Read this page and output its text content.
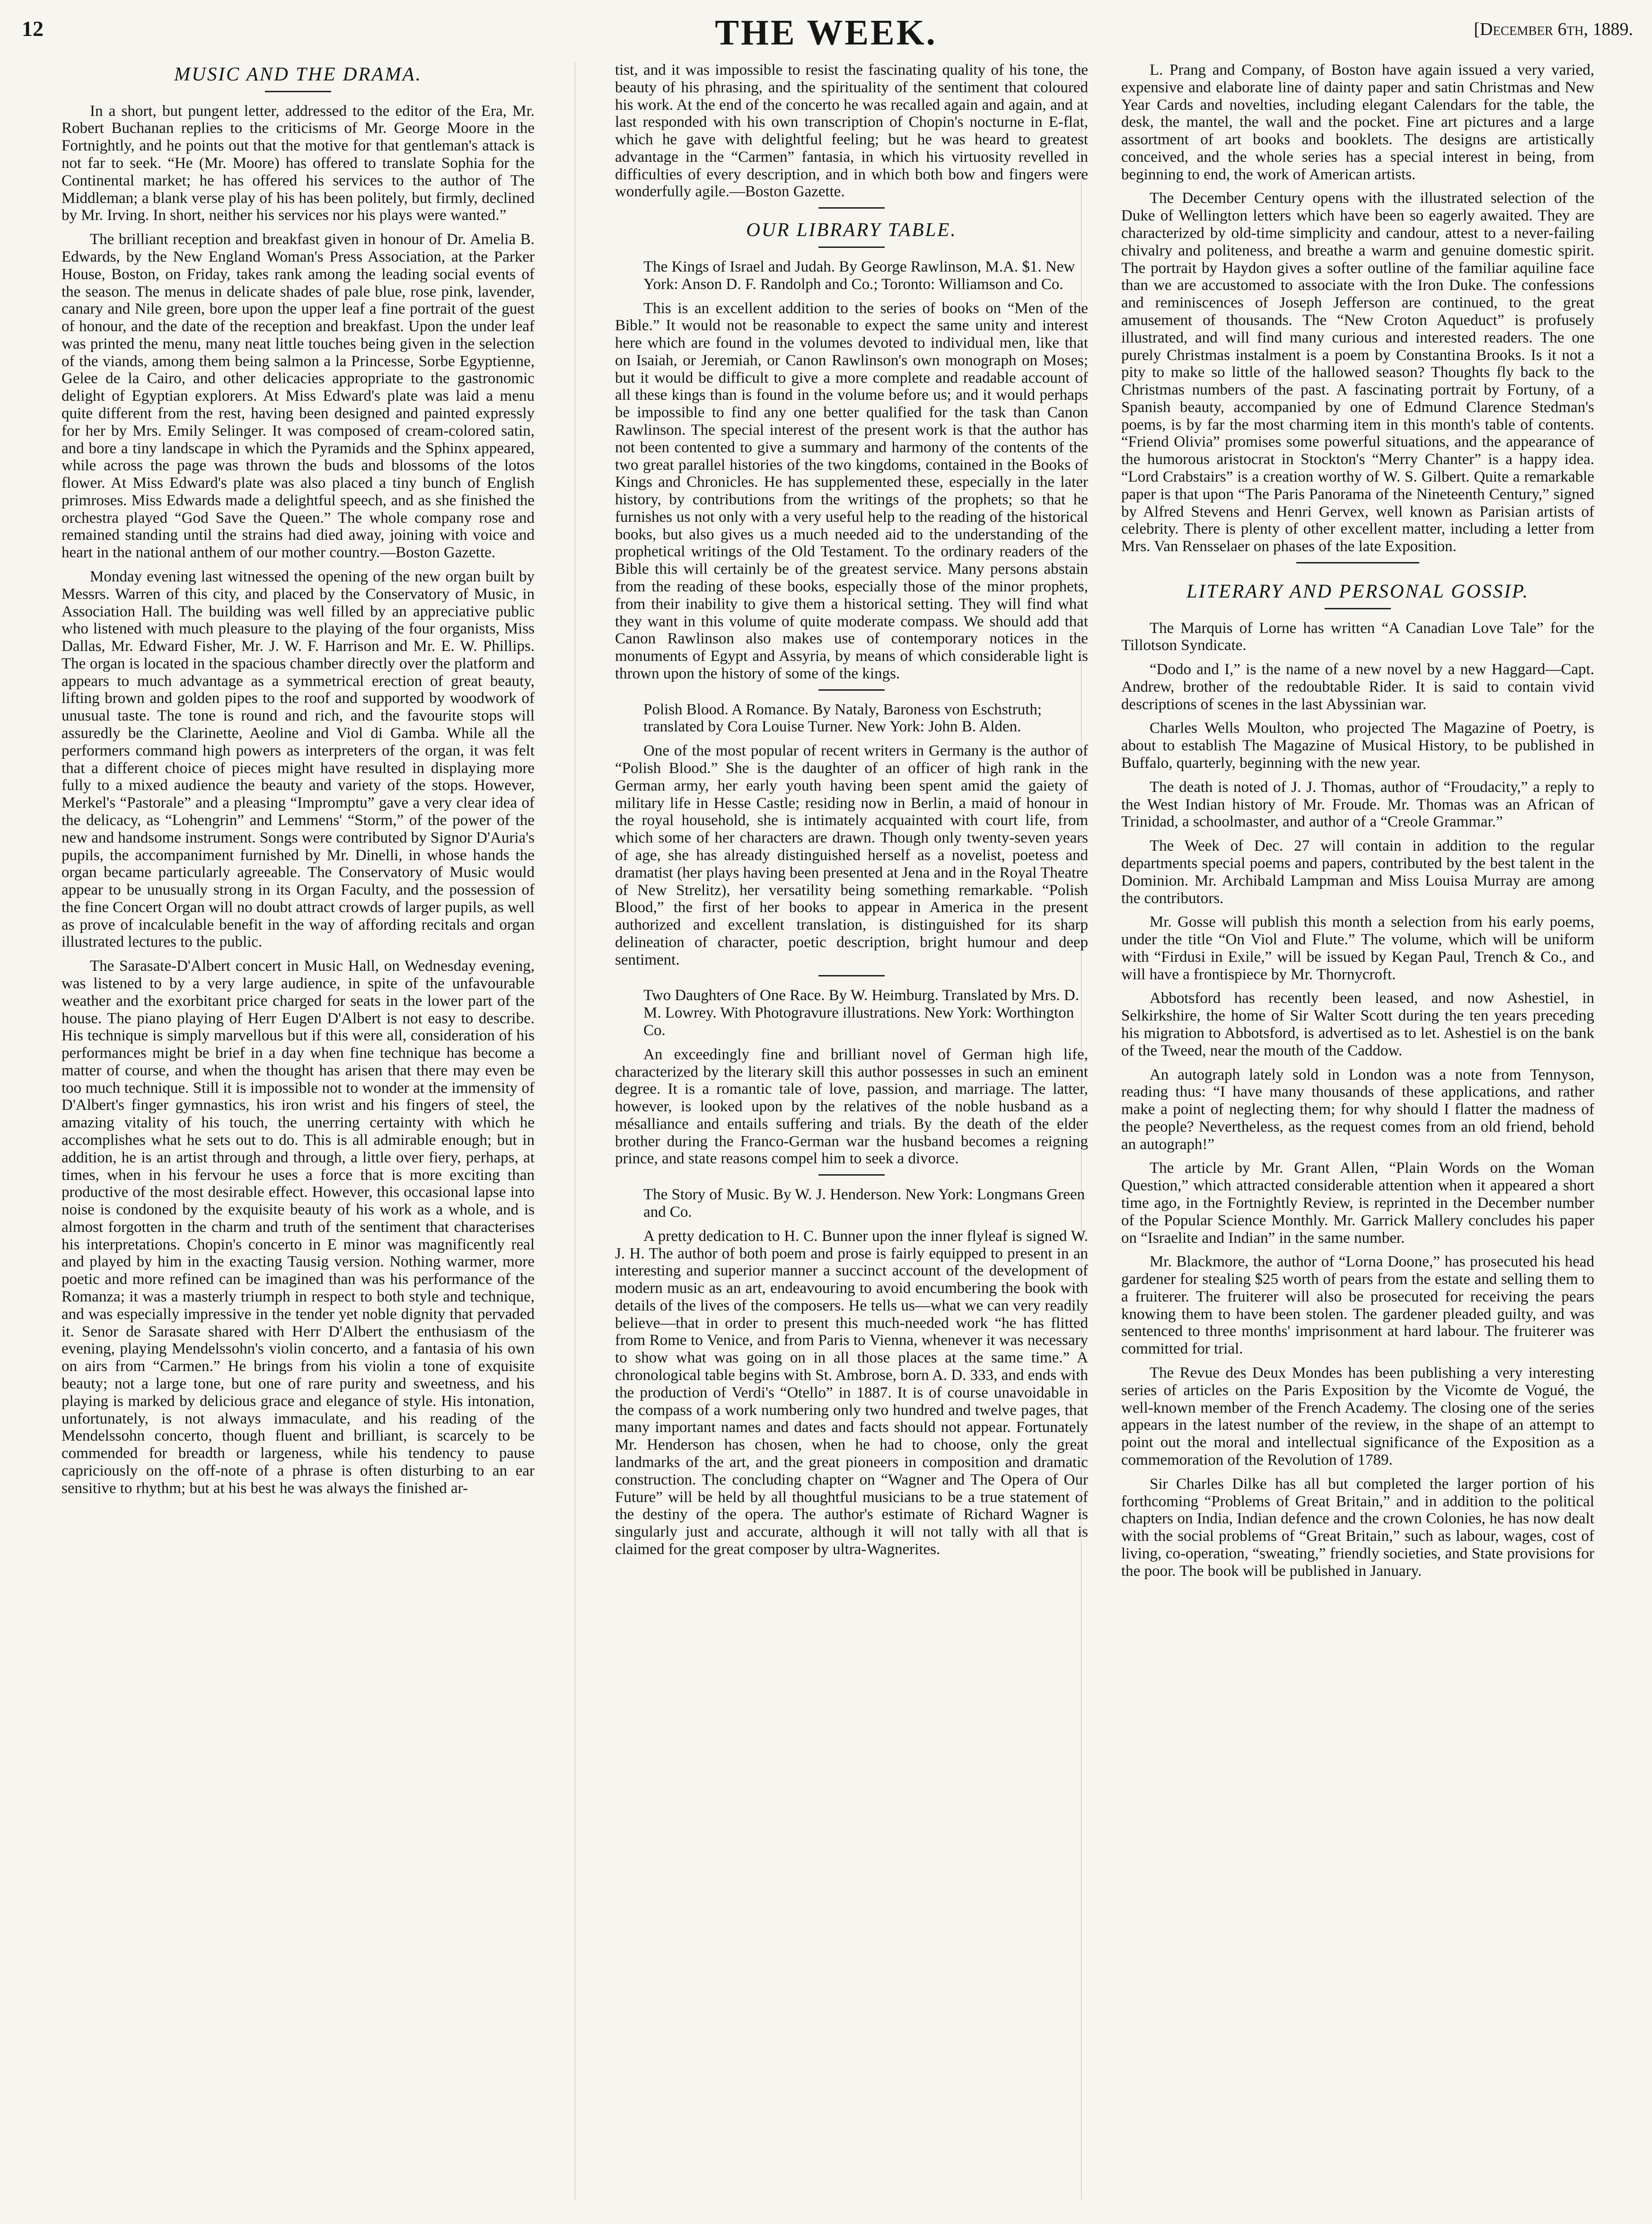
12	THE WEEK.	[December 6th, 1889.
MUSIC AND THE DRAMA.

In a short, but pungent letter, addressed to the editor of the Era, Mr. Robert Buchanan replies to the criticisms of Mr. George Moore in the Fortnightly, and he points out that the motive for that gentleman's attack is not far to seek. “He (Mr. Moore) has offered to translate Sophia for the Continental market; he has offered his services to the author of The Middleman; a blank verse play of his has been politely, but firmly, declined by Mr. Irving. In short, neither his services nor his plays were wanted.”

The brilliant reception and breakfast given in honour of Dr. Amelia B. Edwards, by the New England Woman's Press Association, at the Parker House, Boston, on Friday, takes rank among the leading social events of the season. The menus in delicate shades of pale blue, rose pink, lavender, canary and Nile green, bore upon the upper leaf a fine portrait of the guest of honour, and the date of the reception and breakfast. Upon the under leaf was printed the menu, many neat little touches being given in the selection of the viands, among them being salmon a la Princesse, Sorbe Egyptienne, Gelee de la Cairo, and other delicacies appropriate to the gastronomic delight of Egyptian explorers. At Miss Edward's plate was laid a menu quite different from the rest, having been designed and painted expressly for her by Mrs. Emily Selinger. It was composed of cream-colored satin, and bore a tiny landscape in which the Pyramids and the Sphinx appeared, while across the page was thrown the buds and blossoms of the lotos flower. At Miss Edward's plate was also placed a tiny bunch of English primroses. Miss Edwards made a delightful speech, and as she finished the orchestra played “God Save the Queen.” The whole company rose and remained standing until the strains had died away, joining with voice and heart in the national anthem of our mother country.—Boston Gazette.

Monday evening last witnessed the opening of the new organ built by Messrs. Warren of this city, and placed by the Conservatory of Music, in Association Hall. The building was well filled by an appreciative public who listened with much pleasure to the playing of the four organists, Miss Dallas, Mr. Edward Fisher, Mr. J. W. F. Harrison and Mr. E. W. Phillips. The organ is located in the spacious chamber directly over the platform and appears to much advantage as a symmetrical erection of great beauty, lifting brown and golden pipes to the roof and supported by woodwork of unusual taste. The tone is round and rich, and the favourite stops will assuredly be the Clarinette, Aeoline and Viol di Gamba. While all the performers command high powers as interpreters of the organ, it was felt that a different choice of pieces might have resulted in displaying more fully to a mixed audience the beauty and variety of the stops. However, Merkel's “Pastorale” and a pleasing “Impromptu” gave a very clear idea of the delicacy, as “Lohengrin” and Lemmens' “Storm,” of the power of the new and handsome instrument. Songs were contributed by Signor D'Auria's pupils, the accompaniment furnished by Mr. Dinelli, in whose hands the organ became particularly agreeable. The Conservatory of Music would appear to be unusually strong in its Organ Faculty, and the possession of the fine Concert Organ will no doubt attract crowds of larger pupils, as well as prove of incalculable benefit in the way of affording recitals and organ illustrated lectures to the public.

The Sarasate-D'Albert concert in Music Hall, on Wednesday evening, was listened to by a very large audience, in spite of the unfavourable weather and the exorbitant price charged for seats in the lower part of the house. The piano playing of Herr Eugen D'Albert is not easy to describe. His technique is simply marvellous but if this were all, consideration of his performances might be brief in a day when fine technique has become a matter of course, and when the thought has arisen that there may even be too much technique. Still it is impossible not to wonder at the immensity of D'Albert's finger gymnastics, his iron wrist and his fingers of steel, the amazing vitality of his touch, the unerring certainty with which he accomplishes what he sets out to do. This is all admirable enough; but in addition, he is an artist through and through, a little over fiery, perhaps, at times, when in his fervour he uses a force that is more exciting than productive of the most desirable effect. However, this occasional lapse into noise is condoned by the exquisite beauty of his work as a whole, and is almost forgotten in the charm and truth of the sentiment that characterises his interpretations. Chopin's concerto in E minor was magnificently real and played by him in the exacting Tausig version. Nothing warmer, more poetic and more refined can be imagined than was his performance of the Romanza; it was a masterly triumph in respect to both style and technique, and was especially impressive in the tender yet noble dignity that pervaded it. Senor de Sarasate shared with Herr D'Albert the enthusiasm of the evening, playing Mendelssohn's violin concerto, and a fantasia of his own on airs from “Carmen.” He brings from his violin a tone of exquisite beauty; not a large tone, but one of rare purity and sweetness, and his playing is marked by delicious grace and elegance of style. His intonation, unfortunately, is not always immaculate, and his reading of the Mendelssohn concerto, though fluent and brilliant, is scarcely to be commended for breadth or largeness, while his tendency to pause capriciously on the off-note of a phrase is often disturbing to an ear sensitive to rhythm; but at his best he was always the finished ar-

tist, and it was impossible to resist the fascinating quality of his tone, the beauty of his phrasing, and the spirituality of the sentiment that coloured his work. At the end of the concerto he was recalled again and again, and at last responded with his own transcription of Chopin's nocturne in E-flat, which he gave with delightful feeling; but he was heard to greatest advantage in the “Carmen” fantasia, in which his virtuosity revelled in difficulties of every description, and in which both bow and fingers were wonderfully agile.—Boston Gazette.

OUR LIBRARY TABLE.

The Kings of Israel and Judah. By George Rawlinson, M.A. $1. New York: Anson D. F. Randolph and Co.; Toronto: Williamson and Co.

This is an excellent addition to the series of books on “Men of the Bible.” It would not be reasonable to expect the same unity and interest here which are found in the volumes devoted to individual men, like that on Isaiah, or Jeremiah, or Canon Rawlinson's own monograph on Moses; but it would be difficult to give a more complete and readable account of all these kings than is found in the volume before us; and it would perhaps be impossible to find any one better qualified for the task than Canon Rawlinson. The special interest of the present work is that the author has not been contented to give a summary and harmony of the contents of the two great parallel histories of the two kingdoms, contained in the Books of Kings and Chronicles. He has supplemented these, especially in the later history, by contributions from the writings of the prophets; so that he furnishes us not only with a very useful help to the reading of the historical books, but also gives us a much needed aid to the understanding of the prophetical writings of the Old Testament. To the ordinary readers of the Bible this will certainly be of the greatest service. Many persons abstain from the reading of these books, especially those of the minor prophets, from their inability to give them a historical setting. They will find what they want in this volume of quite moderate compass. We should add that Canon Rawlinson also makes use of contemporary notices in the monuments of Egypt and Assyria, by means of which considerable light is thrown upon the history of some of the kings.

Polish Blood. A Romance. By Nataly, Baroness von Eschstruth; translated by Cora Louise Turner. New York: John B. Alden.

One of the most popular of recent writers in Germany is the author of “Polish Blood.” She is the daughter of an officer of high rank in the German army, her early youth having been spent amid the gaiety of military life in Hesse Castle; residing now in Berlin, a maid of honour in the royal household, she is intimately acquainted with court life, from which some of her characters are drawn. Though only twenty-seven years of age, she has already distinguished herself as a novelist, poetess and dramatist (her plays having been presented at Jena and in the Royal Theatre of New Strelitz), her versatility being something remarkable. “Polish Blood,” the first of her books to appear in America in the present authorized and excellent translation, is distinguished for its sharp delineation of character, poetic description, bright humour and deep sentiment.

Two Daughters of One Race. By W. Heimburg. Translated by Mrs. D. M. Lowrey. With Photogravure illustrations. New York: Worthington Co.

An exceedingly fine and brilliant novel of German high life, characterized by the literary skill this author possesses in such an eminent degree. It is a romantic tale of love, passion, and marriage. The latter, however, is looked upon by the relatives of the noble husband as a mésalliance and entails suffering and trials. By the death of the elder brother during the Franco-German war the husband becomes a reigning prince, and state reasons compel him to seek a divorce.

The Story of Music. By W. J. Henderson. New York: Longmans Green and Co.

A pretty dedication to H. C. Bunner upon the inner flyleaf is signed W. J. H. The author of both poem and prose is fairly equipped to present in an interesting and superior manner a succinct account of the development of modern music as an art, endeavouring to avoid encumbering the book with details of the lives of the composers. He tells us—what we can very readily believe—that in order to present this much-needed work “he has flitted from Rome to Venice, and from Paris to Vienna, whenever it was necessary to show what was going on in all those places at the same time.” A chronological table begins with St. Ambrose, born A. D. 333, and ends with the production of Verdi's “Otello” in 1887. It is of course unavoidable in the compass of a work numbering only two hundred and twelve pages, that many important names and dates and facts should not appear. Fortunately Mr. Henderson has chosen, when he had to choose, only the great landmarks of the art, and the great pioneers in composition and dramatic construction. The concluding chapter on “Wagner and The Opera of Our Future” will be held by all thoughtful musicians to be a true statement of the destiny of the opera. The author's estimate of Richard Wagner is singularly just and accurate, although it will not tally with all that is claimed for the great composer by ultra-Wagnerites.

L. Prang and Company, of Boston have again issued a very varied, expensive and elaborate line of dainty paper and satin Christmas and New Year Cards and novelties, including elegant Calendars for the table, the desk, the mantel, the wall and the pocket. Fine art pictures and a large assortment of art books and booklets. The designs are artistically conceived, and the whole series has a special interest in being, from beginning to end, the work of American artists.

The December Century opens with the illustrated selection of the Duke of Wellington letters which have been so eagerly awaited. They are characterized by old-time simplicity and candour, attest to a never-failing chivalry and politeness, and breathe a warm and genuine domestic spirit. The portrait by Haydon gives a softer outline of the familiar aquiline face than we are accustomed to associate with the Iron Duke. The confessions and reminiscences of Joseph Jefferson are continued, to the great amusement of thousands. The “New Croton Aqueduct” is profusely illustrated, and will find many curious and interested readers. The one purely Christmas instalment is a poem by Constantina Brooks. Is it not a pity to make so little of the hallowed season? Thoughts fly back to the Christmas numbers of the past. A fascinating portrait by Fortuny, of a Spanish beauty, accompanied by one of Edmund Clarence Stedman's poems, is by far the most charming item in this month's table of contents. “Friend Olivia” promises some powerful situations, and the appearance of the humorous aristocrat in Stockton's “Merry Chanter” is a happy idea. “Lord Crabstairs” is a creation worthy of W. S. Gilbert. Quite a remarkable paper is that upon “The Paris Panorama of the Nineteenth Century,” signed by Alfred Stevens and Henri Gervex, well known as Parisian artists of celebrity. There is plenty of other excellent matter, including a letter from Mrs. Van Rensselaer on phases of the late Exposition.

LITERARY AND PERSONAL GOSSIP.

The Marquis of Lorne has written “A Canadian Love Tale” for the Tillotson Syndicate.

“Dodo and I,” is the name of a new novel by a new Haggard—Capt. Andrew, brother of the redoubtable Rider. It is said to contain vivid descriptions of scenes in the last Abyssinian war.

Charles Wells Moulton, who projected The Magazine of Poetry, is about to establish The Magazine of Musical History, to be published in Buffalo, quarterly, beginning with the new year.

The death is noted of J. J. Thomas, author of “Froudacity,” a reply to the West Indian history of Mr. Froude. Mr. Thomas was an African of Trinidad, a schoolmaster, and author of a “Creole Grammar.”

The Week of Dec. 27 will contain in addition to the regular departments special poems and papers, contributed by the best talent in the Dominion. Mr. Archibald Lampman and Miss Louisa Murray are among the contributors.

Mr. Gosse will publish this month a selection from his early poems, under the title “On Viol and Flute.” The volume, which will be uniform with “Firdusi in Exile,” will be issued by Kegan Paul, Trench & Co., and will have a frontispiece by Mr. Thornycroft.

Abbotsford has recently been leased, and now Ashestiel, in Selkirkshire, the home of Sir Walter Scott during the ten years preceding his migration to Abbotsford, is advertised as to let. Ashestiel is on the bank of the Tweed, near the mouth of the Caddow.

An autograph lately sold in London was a note from Tennyson, reading thus: “I have many thousands of these applications, and rather make a point of neglecting them; for why should I flatter the madness of the people? Nevertheless, as the request comes from an old friend, behold an autograph!”

The article by Mr. Grant Allen, “Plain Words on the Woman Question,” which attracted considerable attention when it appeared a short time ago, in the Fortnightly Review, is reprinted in the December number of the Popular Science Monthly. Mr. Garrick Mallery concludes his paper on “Israelite and Indian” in the same number.

Mr. Blackmore, the author of “Lorna Doone,” has prosecuted his head gardener for stealing $25 worth of pears from the estate and selling them to a fruiterer. The fruiterer will also be prosecuted for receiving the pears knowing them to have been stolen. The gardener pleaded guilty, and was sentenced to three months' imprisonment at hard labour. The fruiterer was committed for trial.

The Revue des Deux Mondes has been publishing a very interesting series of articles on the Paris Exposition by the Vicomte de Vogué, the well-known member of the French Academy. The closing one of the series appears in the latest number of the review, in the shape of an attempt to point out the moral and intellectual significance of the Exposition as a commemoration of the Revolution of 1789.

Sir Charles Dilke has all but completed the larger portion of his forthcoming “Problems of Great Britain,” and in addition to the political chapters on India, Indian defence and the crown Colonies, he has now dealt with the social problems of “Great Britain,” such as labour, wages, cost of living, co-operation, “sweating,” friendly societies, and State provisions for the poor. The book will be published in January.
